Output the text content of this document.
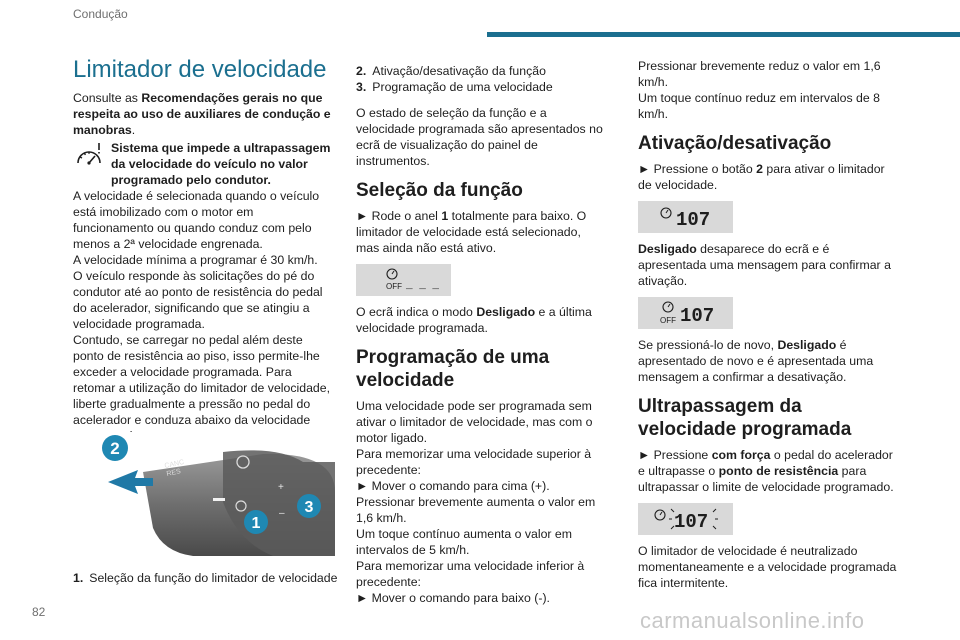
Condução
Limitador de velocidade

Consulte as Recomendações gerais no que respeita ao uso de auxiliares de condução e manobras.

Sistema que impede a ultrapassagem da velocidade do veículo no valor programado pelo condutor.

A velocidade é selecionada quando o veículo está imobilizado com o motor em funcionamento ou quando conduz com pelo menos a 2ª velocidade engrenada.

A velocidade mínima a programar é 30 km/h.

O veículo responde às solicitações do pé do condutor até ao ponto de resistência do pedal do acelerador, significando que se atingiu a velocidade programada.

Contudo, se carregar no pedal além deste ponto de resistência ao piso, isso permite-lhe exceder a velocidade programada. Para retomar a utilização do limitador de velocidade, liberte gradualmente a pressão no pedal do acelerador e conduza abaixo da velocidade

CANC
RES
+
–
2
1
3
1. Seleção da função do limitador de velocidade
2. Ativação/desativação da função
3. Programação de uma velocidade

O estado de seleção da função e a velocidade programada são apresentados no ecrã de visualização do painel de instrumentos.

Seleção da função

► Rode o anel 1 totalmente para baixo. O limitador de velocidade está selecionado, mas ainda não está ativo.

OFF _ _ _

O ecrã indica o modo Desligado e a última velocidade programada.

Programação de uma velocidade

Uma velocidade pode ser programada sem ativar o limitador de velocidade, mas com o motor ligado.

Para memorizar uma velocidade superior à precedente:

► Mover o comando para cima (+).

Pressionar brevemente aumenta o valor em 1,6 km/h.

Um toque contínuo aumenta o valor em intervalos de 5 km/h.

Para memorizar uma velocidade inferior à precedente:

► Mover o comando para baixo (-).

Pressionar brevemente reduz o valor em 1,6 km/h.

Um toque contínuo reduz em intervalos de 8 km/h.

Ativação/desativação

► Pressione o botão 2 para ativar o limitador de velocidade.

107

Desligado desaparece do ecrã e é apresentada uma mensagem para confirmar a ativação.

OFF 107

Se pressioná-lo de novo, Desligado é apresentado de novo e é apresentada uma mensagem a confirmar a desativação.

Ultrapassagem da velocidade programada

► Pressione com força o pedal do acelerador e ultrapasse o ponto de resistência para ultrapassar o limite de velocidade programado.

107

O limitador de velocidade é neutralizado momentaneamente e a velocidade programada fica intermitente.

82	carmanualsonline.info
